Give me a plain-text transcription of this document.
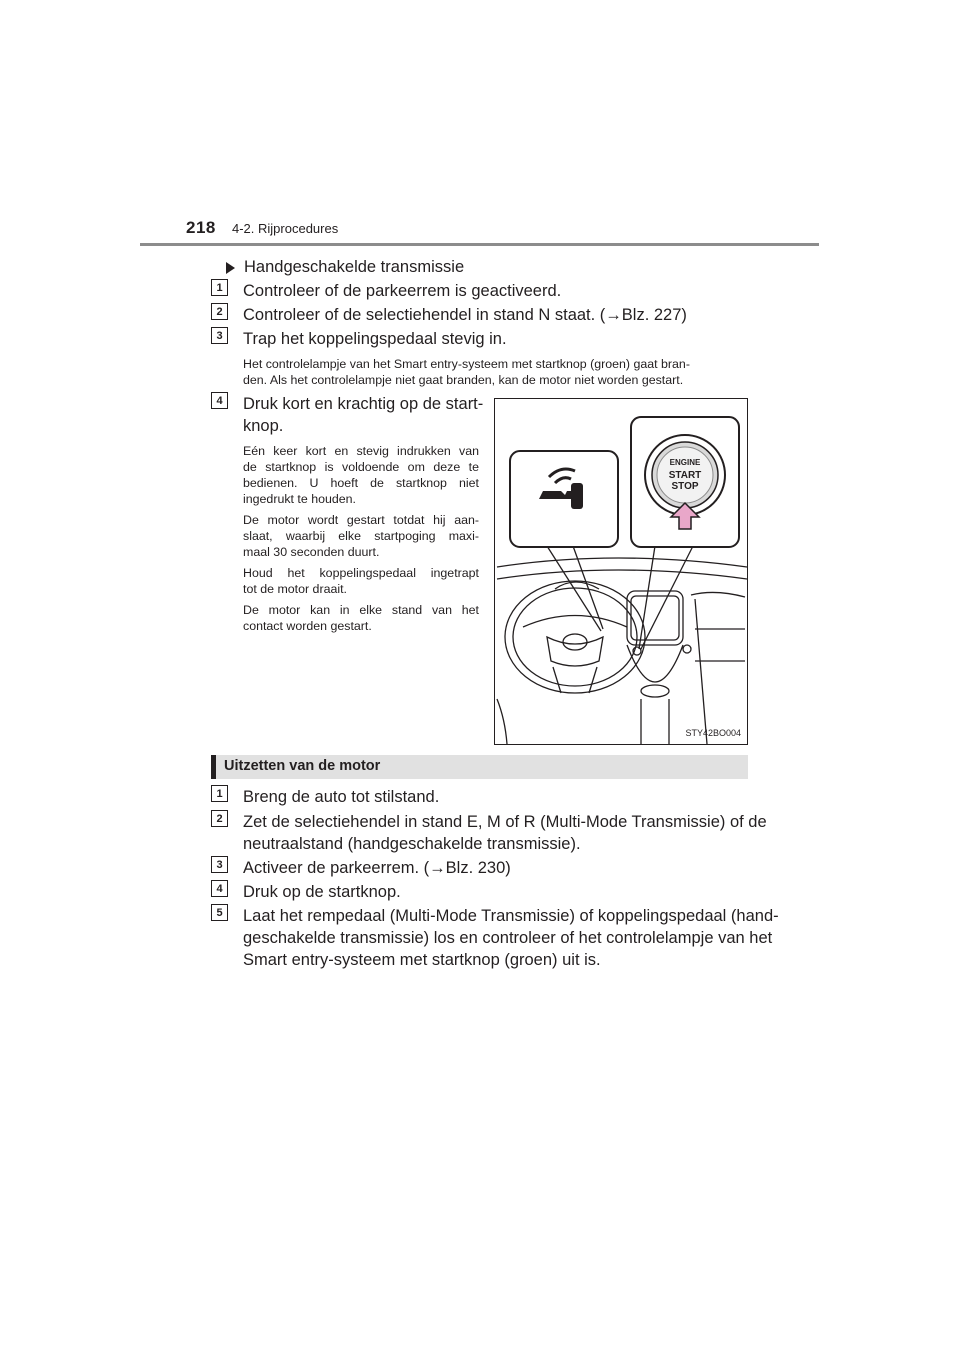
218 4-2. Rijprocedures
Handgeschakelde transmissie
1	Controleer of de parkeerrem is geactiveerd.
2	Controleer of de selectiehendel in stand N staat. (→Blz. 227)
3	Trap het koppelingspedaal stevig in.
Het controlelampje van het Smart entry-systeem met startknop (groen) gaat bran-
den. Als het controlelampje niet gaat branden, kan de motor niet worden gestart.
4	Druk kort en krachtig op de start-
knop.
Eén keer kort en stevig indrukken van
de startknop is voldoende om deze te
bedienen. U hoeft de startknop niet
ingedrukt te houden.
De motor wordt gestart totdat hij aan-
slaat, waarbij elke startpoging maxi-
maal 30 seconden duurt.
Houd het koppelingspedaal ingetrapt
tot de motor draait.
De motor kan in elke stand van het
contact worden gestart.
ENGINE
START
STOP
STY42BO004
Uitzetten van de motor
1	Breng de auto tot stilstand.
2	Zet de selectiehendel in stand E, M of R (Multi-Mode Transmissie) of de
neutraalstand (handgeschakelde transmissie).
3	Activeer de parkeerrem. (→Blz. 230)
4	Druk op de startknop.
5	Laat het rempedaal (Multi-Mode Transmissie) of koppelingspedaal (hand-
geschakelde transmissie) los en controleer of het controlelampje van het
Smart entry-systeem met startknop (groen) uit is.
